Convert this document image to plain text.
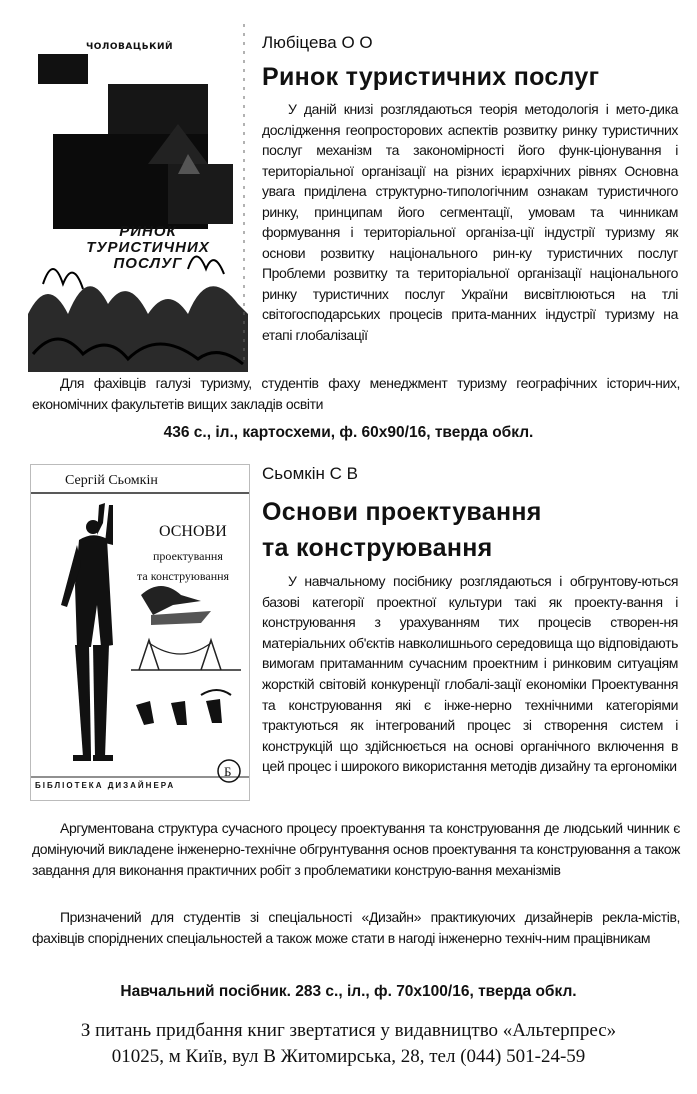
ЧОЛОВАЦЬКИЙ
РИНОК
ТУРИСТИЧНИХ
ПОСЛУГ
Любіцева О О
Ринок туристичних послуг
У даній книзі розглядаються теорія методологія і мето-дика дослідження геопросторових аспектів розвитку ринку туристичних послуг механізм та закономірності його функ-ціонування і територіальної організації на різних ієрархічних рівнях Основна увага приділена структурно-типологічним ознакам туристичного ринку, принципам його сегментації, умовам та чинникам формування і територіальної організа-ції індустрії туризму як основи розвитку національного рин-ку туристичних послуг Проблеми розвитку та територіальної організації національного ринку туристичних послуг України висвітлюються на тлі світогосподарських процесів прита-манних індустрії туризму на етапі глобалізації
Для фахівців галузі туризму, студентів фаху менеджмент туризму географічних історич-них, економічних факультетів вищих закладів освіти
436 с., іл., картосхеми, ф. 60х90/16, тверда обкл.
Б
Сергій Сьомкін
ОСНОВИ
проектування
та конструювання
БІБЛІОТЕКА ДИЗАЙНЕРА
Сьомкін С В
Основи проектування
та конструювання
У навчальному посібнику розглядаються і обгрунтову-ються базові категорії проектної культури такі як проекту-вання і конструювання з урахуванням тих процесів створен-ня матеріальних об'єктів навколишнього середовища що відповідають вимогам притаманним сучасним проектним і ринковим ситуаціям жорсткій світовій конкуренції глобалі-зації економіки Проектування та конструювання які є інже-нерно технічними категоріями трактуються як інтегрований процес зі створення систем і конструкцій що здійснюється на основі органічного включення в цей процес і широкого використання методів дизайну та ергономіки
Аргументована структура сучасного процесу проектування та конструювання де людський чинник є домінуючий викладене інженерно-технічне обгрунтування основ проектування та конструювання а також завдання для виконання практичних робіт з проблематики конструю-вання механізмів
Призначений для студентів зі спеціальності «Дизайн» практикуючих дизайнерів рекла-містів, фахівців споріднених спеціальностей а також може стати в нагоді інженерно техніч-ним працівникам
Навчальний посібник. 283 с., іл., ф. 70х100/16, тверда обкл.
З питань придбання книг звертатися у видавництво «Альтерпрес»
01025, м Київ, вул В Житомирська, 28, тел (044) 501-24-59
